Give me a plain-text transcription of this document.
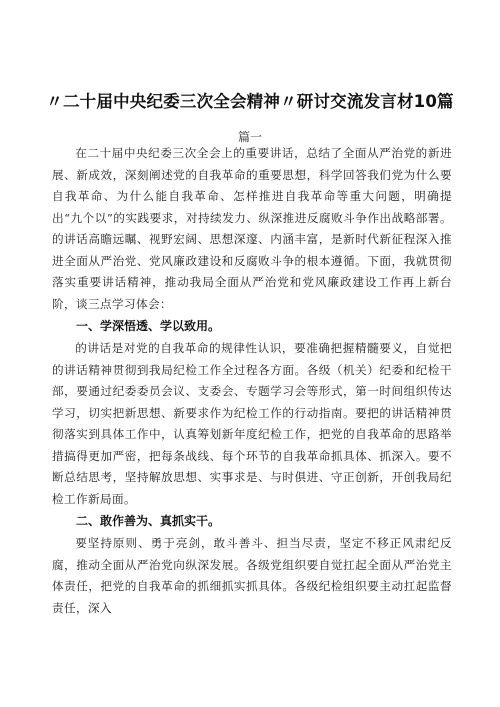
〃二十届中央纪委三次全会精神〃研讨交流发言材10篇
篇一

在二十届中央纪委三次全会上的重要讲话，总结了全面从严治党的新进展、新成效，深刻阐述党的自我革命的重要思想，科学回答我们党为什么要自我革命、为什么能自我革命、怎样推进自我革命等重大问题，明确提出“九个以”的实践要求，对持续发力、纵深推进反腐败斗争作出战略部署。的讲话高瞻远瞩、视野宏阔、思想深邃、内涵丰富，是新时代新征程深入推进全面从严治党、党风廉政建设和反腐败斗争的根本遵循。下面，我就贯彻落实重要讲话精神，推动我局全面从严治党和党风廉政建设工作再上新台阶，谈三点学习体会：

一、学深悟透、学以致用。

的讲话是对党的自我革命的规律性认识，要准确把握精髓要义，自觉把的讲话精神贯彻到我局纪检工作全过程各方面。各级（机关）纪委和纪检干部，要通过纪委委员会议、支委会、专题学习会等形式，第一时间组织传达学习，切实把新思想、新要求作为纪检工作的行动指南。要把的讲话精神贯彻落实到具体工作中，认真筹划新年度纪检工作，把党的自我革命的思路举措搞得更加严密，把每条战线、每个环节的自我革命抓具体、抓深入。要不断总结思考，坚持解放思想、实事求是、与时俱进、守正创新，开创我局纪检工作新局面。

二、敢作善为、真抓实干。

要坚持原则、勇于亮剑，敢斗善斗、担当尽责，坚定不移正风肃纪反腐，推动全面从严治党向纵深发展。各级党组织要自觉扛起全面从严治党主体责任，把党的自我革命的抓细抓实抓具体。各级纪检组织要主动扛起监督责任，深入
